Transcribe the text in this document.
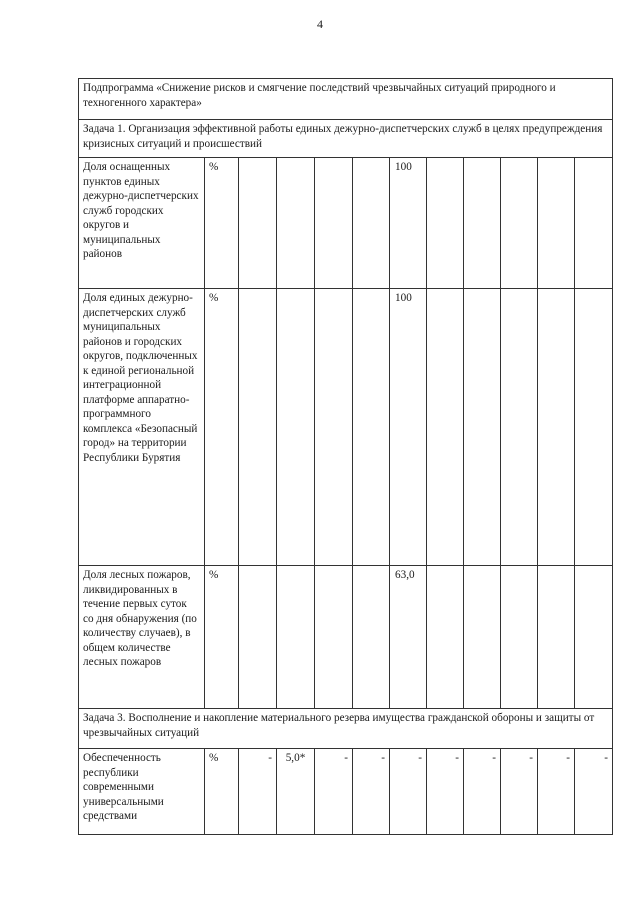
4
Подпрограмма «Снижение рисков и смягчение последствий чрезвычайных ситуаций природного и техногенного характера»											
Задача 1. Организация эффективной работы единых дежурно-диспетчерских служб в целях предупреждения кризисных ситуаций и происшествий											
Доля оснащенных пунктов единых дежурно-диспетчерских служб городских округов и муниципальных районов	%					100					
Доля единых дежурно-диспетчерских служб муниципальных районов и городских округов, подключенных к единой региональной интеграционной платформе аппаратно-программного комплекса «Безопасный город» на территории Республики Бурятия	%					100					
Доля лесных пожаров, ликвидированных в течение первых суток со дня обнаружения (по количеству случаев), в общем количестве лесных пожаров	%					63,0					
Задача 3. Восполнение и накопление материального резерва имущества гражданской обороны и защиты от чрезвычайных ситуаций											
Обеспеченность республики современными универсальными средствами	%	-	5,0*	-	-	-	-	-	-	-	-
